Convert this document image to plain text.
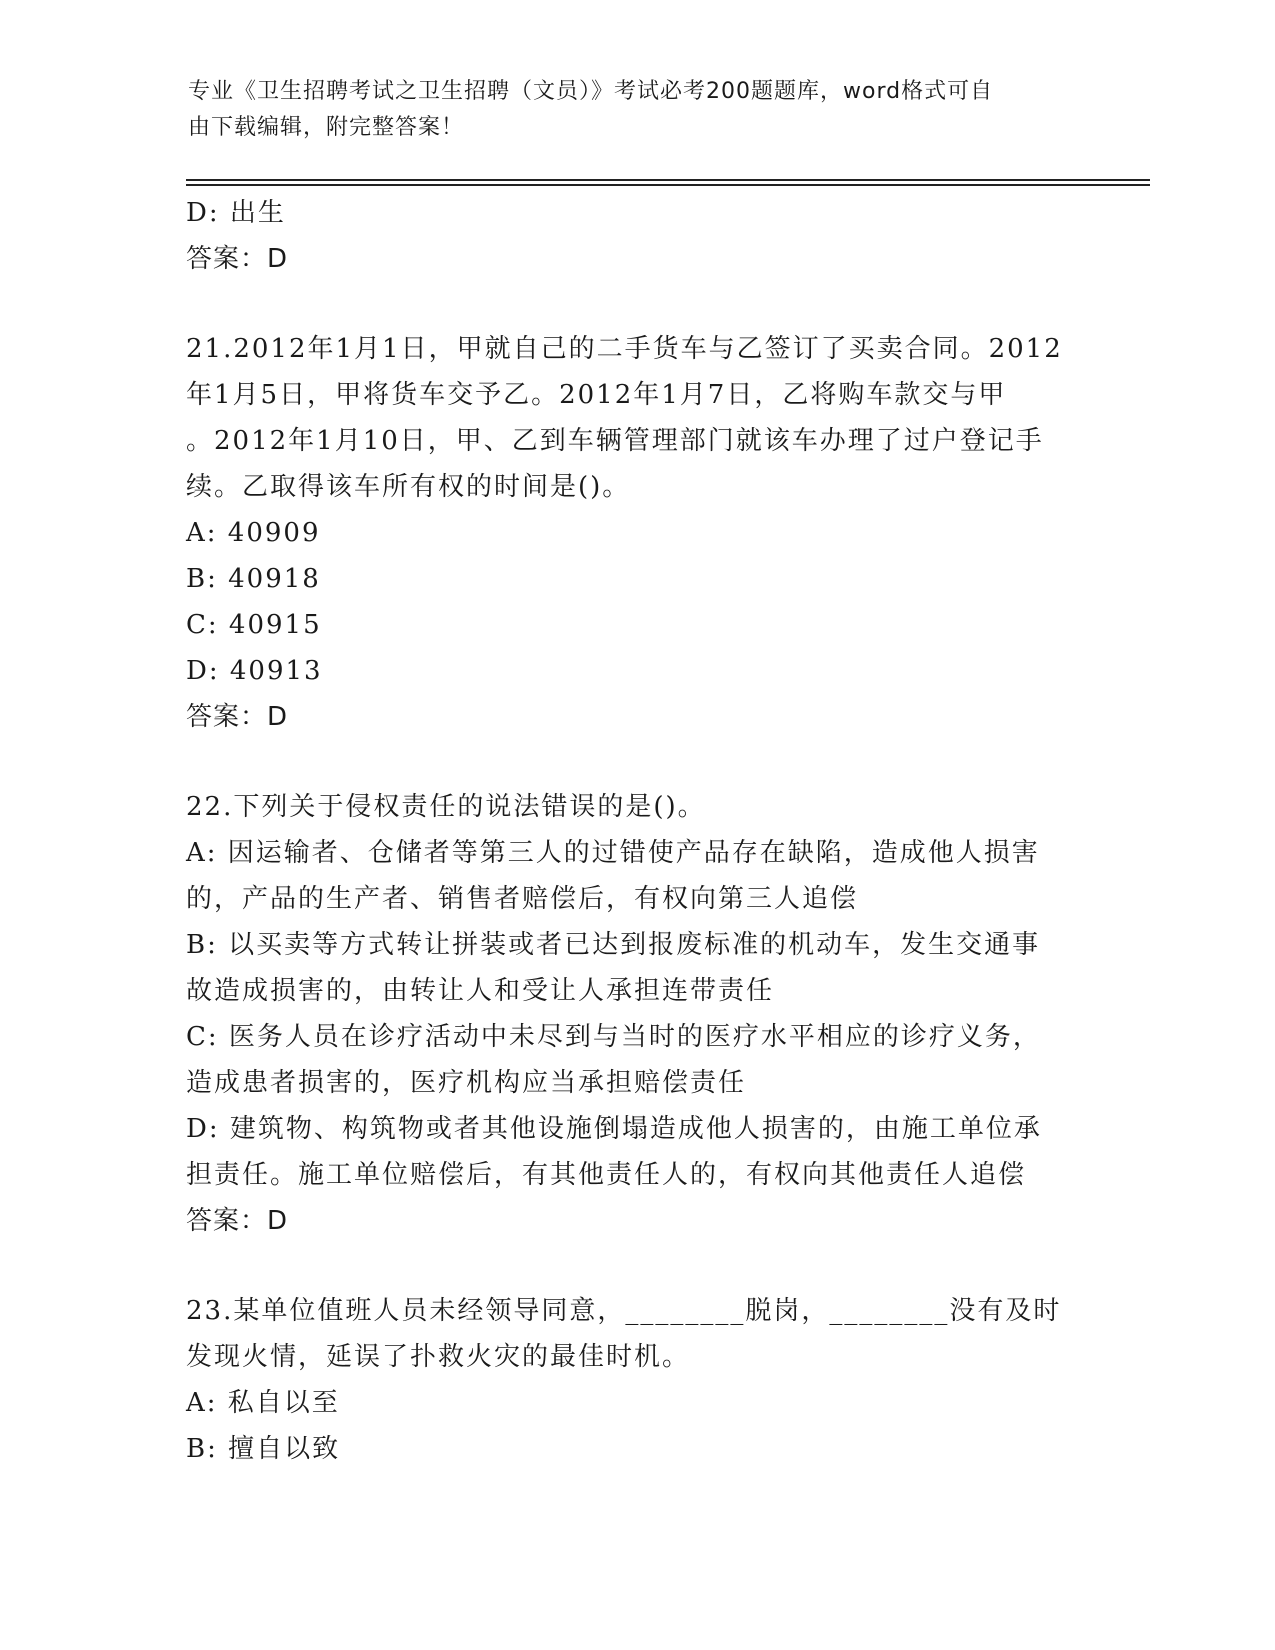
专业《卫生招聘考试之卫生招聘（文员）》考试必考200题题库，word格式可自
由下载编辑，附完整答案！
D: 出生
答案：D
21.2012年1月1日，甲就自己的二手货车与乙签订了买卖合同。2012
年1月5日，甲将货车交予乙。2012年1月7日，乙将购车款交与甲
。2012年1月10日，甲、乙到车辆管理部门就该车办理了过户登记手
续。乙取得该车所有权的时间是()。
A: 40909
B: 40918
C: 40915
D: 40913
答案：D
22.下列关于侵权责任的说法错误的是()。
A: 因运输者、仓储者等第三人的过错使产品存在缺陷，造成他人损害
的，产品的生产者、销售者赔偿后，有权向第三人追偿
B: 以买卖等方式转让拼装或者已达到报废标准的机动车，发生交通事
故造成损害的，由转让人和受让人承担连带责任
C: 医务人员在诊疗活动中未尽到与当时的医疗水平相应的诊疗义务，
造成患者损害的，医疗机构应当承担赔偿责任
D: 建筑物、构筑物或者其他设施倒塌造成他人损害的，由施工单位承
担责任。施工单位赔偿后，有其他责任人的，有权向其他责任人追偿
答案：D
23.某单位值班人员未经领导同意，________脱岗，________没有及时
发现火情，延误了扑救火灾的最佳时机。
A: 私自以至
B: 擅自以致
